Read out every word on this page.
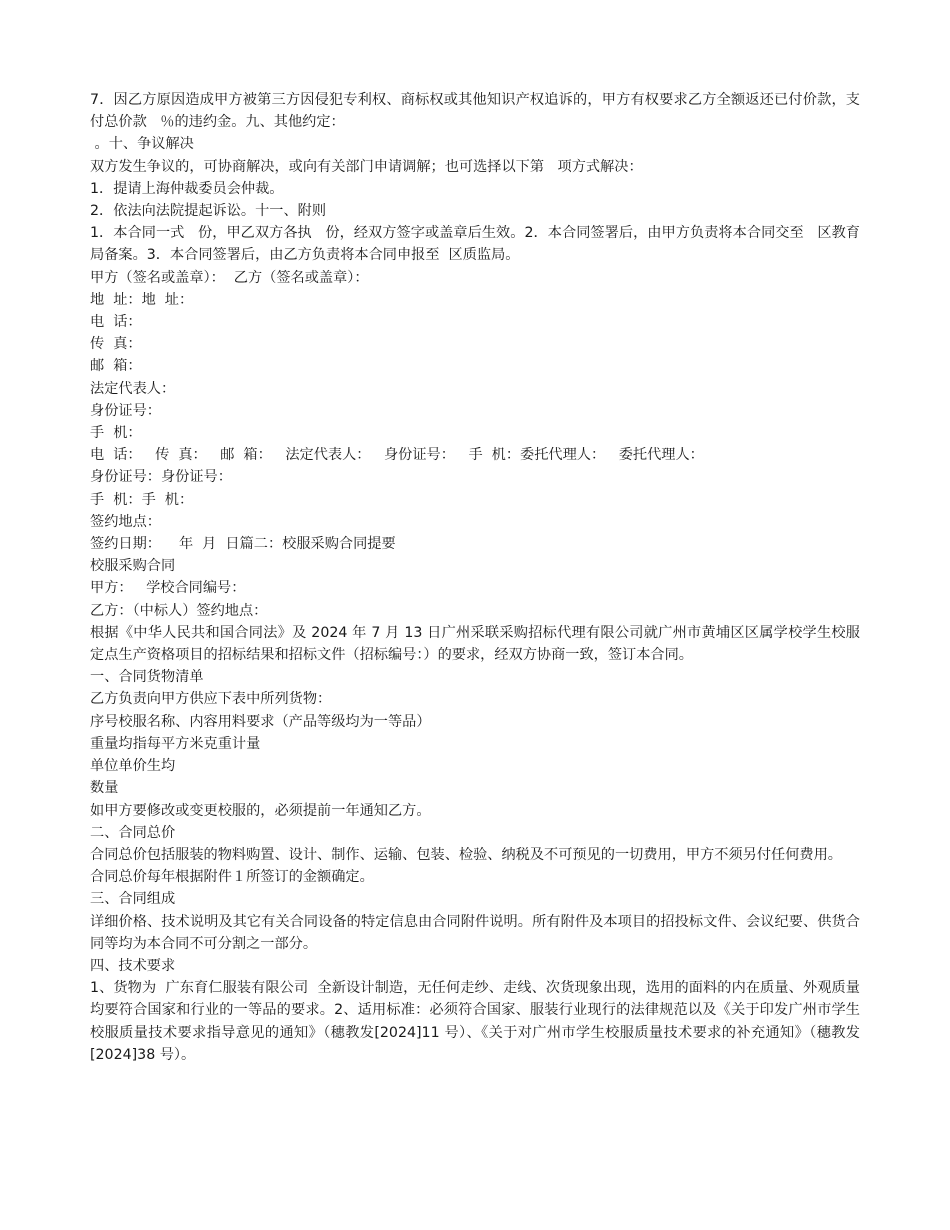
7．因乙方原因造成甲方被第三方因侵犯专利权、商标权或其他知识产权追诉的，甲方有权要求乙方全额返还已付价款，支付总价款   ％的违约金。九、其他约定：

。十、争议解决

双方发生争议的，可协商解决，或向有关部门申请调解；也可选择以下第   项方式解决：

1．提请上海仲裁委员会仲裁。

2．依法向法院提起诉讼。十一、附则

1．本合同一式   份，甲乙双方各执   份，经双方签字或盖章后生效。2．本合同签署后，由甲方负责将本合同交至   区教育局备案。3．本合同签署后，由乙方负责将本合同申报至  区质监局。

甲方（签名或盖章）：  乙方（签名或盖章）：

地  址：地  址：

电  话：

传  真：

邮  箱：

法定代表人：

身份证号：

手  机：

电  话：   传  真：   邮  箱：   法定代表人：   身份证号：   手  机：委托代理人：   委托代理人：

身份证号：身份证号：

手  机：手  机：

签约地点：

签约日期：    年  月  日篇二：校服采购合同提要

校服采购合同

甲方：   学校合同编号：

乙方：（中标人）签约地点：

根据《中华人民共和国合同法》及 2024 年 7 月 13 日广州采联采购招标代理有限公司就广州市黄埔区区属学校学生校服定点生产资格项目的招标结果和招标文件（招标编号：）的要求，经双方协商一致，签订本合同。

一、合同货物清单

乙方负责向甲方供应下表中所列货物：

序号校服名称、内容用料要求（产品等级均为一等品）

重量均指每平方米克重计量

单位单价生均

数量

如甲方要修改或变更校服的，必须提前一年通知乙方。

二、合同总价

合同总价包括服装的物料购置、设计、制作、运输、包装、检验、纳税及不可预见的一切费用，甲方不须另付任何费用。

合同总价每年根据附件１所签订的金额确定。

三、合同组成

详细价格、技术说明及其它有关合同设备的特定信息由合同附件说明。所有附件及本项目的招投标文件、会议纪要、供货合同等均为本合同不可分割之一部分。

四、技术要求

1、货物为  广东育仁服装有限公司  全新设计制造，无任何走纱、走线、次货现象出现，选用的面料的内在质量、外观质量均要符合国家和行业的一等品的要求。2、适用标准：必须符合国家、服装行业现行的法律规范以及《关于印发广州市学生校服质量技术要求指导意见的通知》（穗教发[2024]11 号）、《关于对广州市学生校服质量技术要求的补充通知》（穗教发[2024]38 号）。
